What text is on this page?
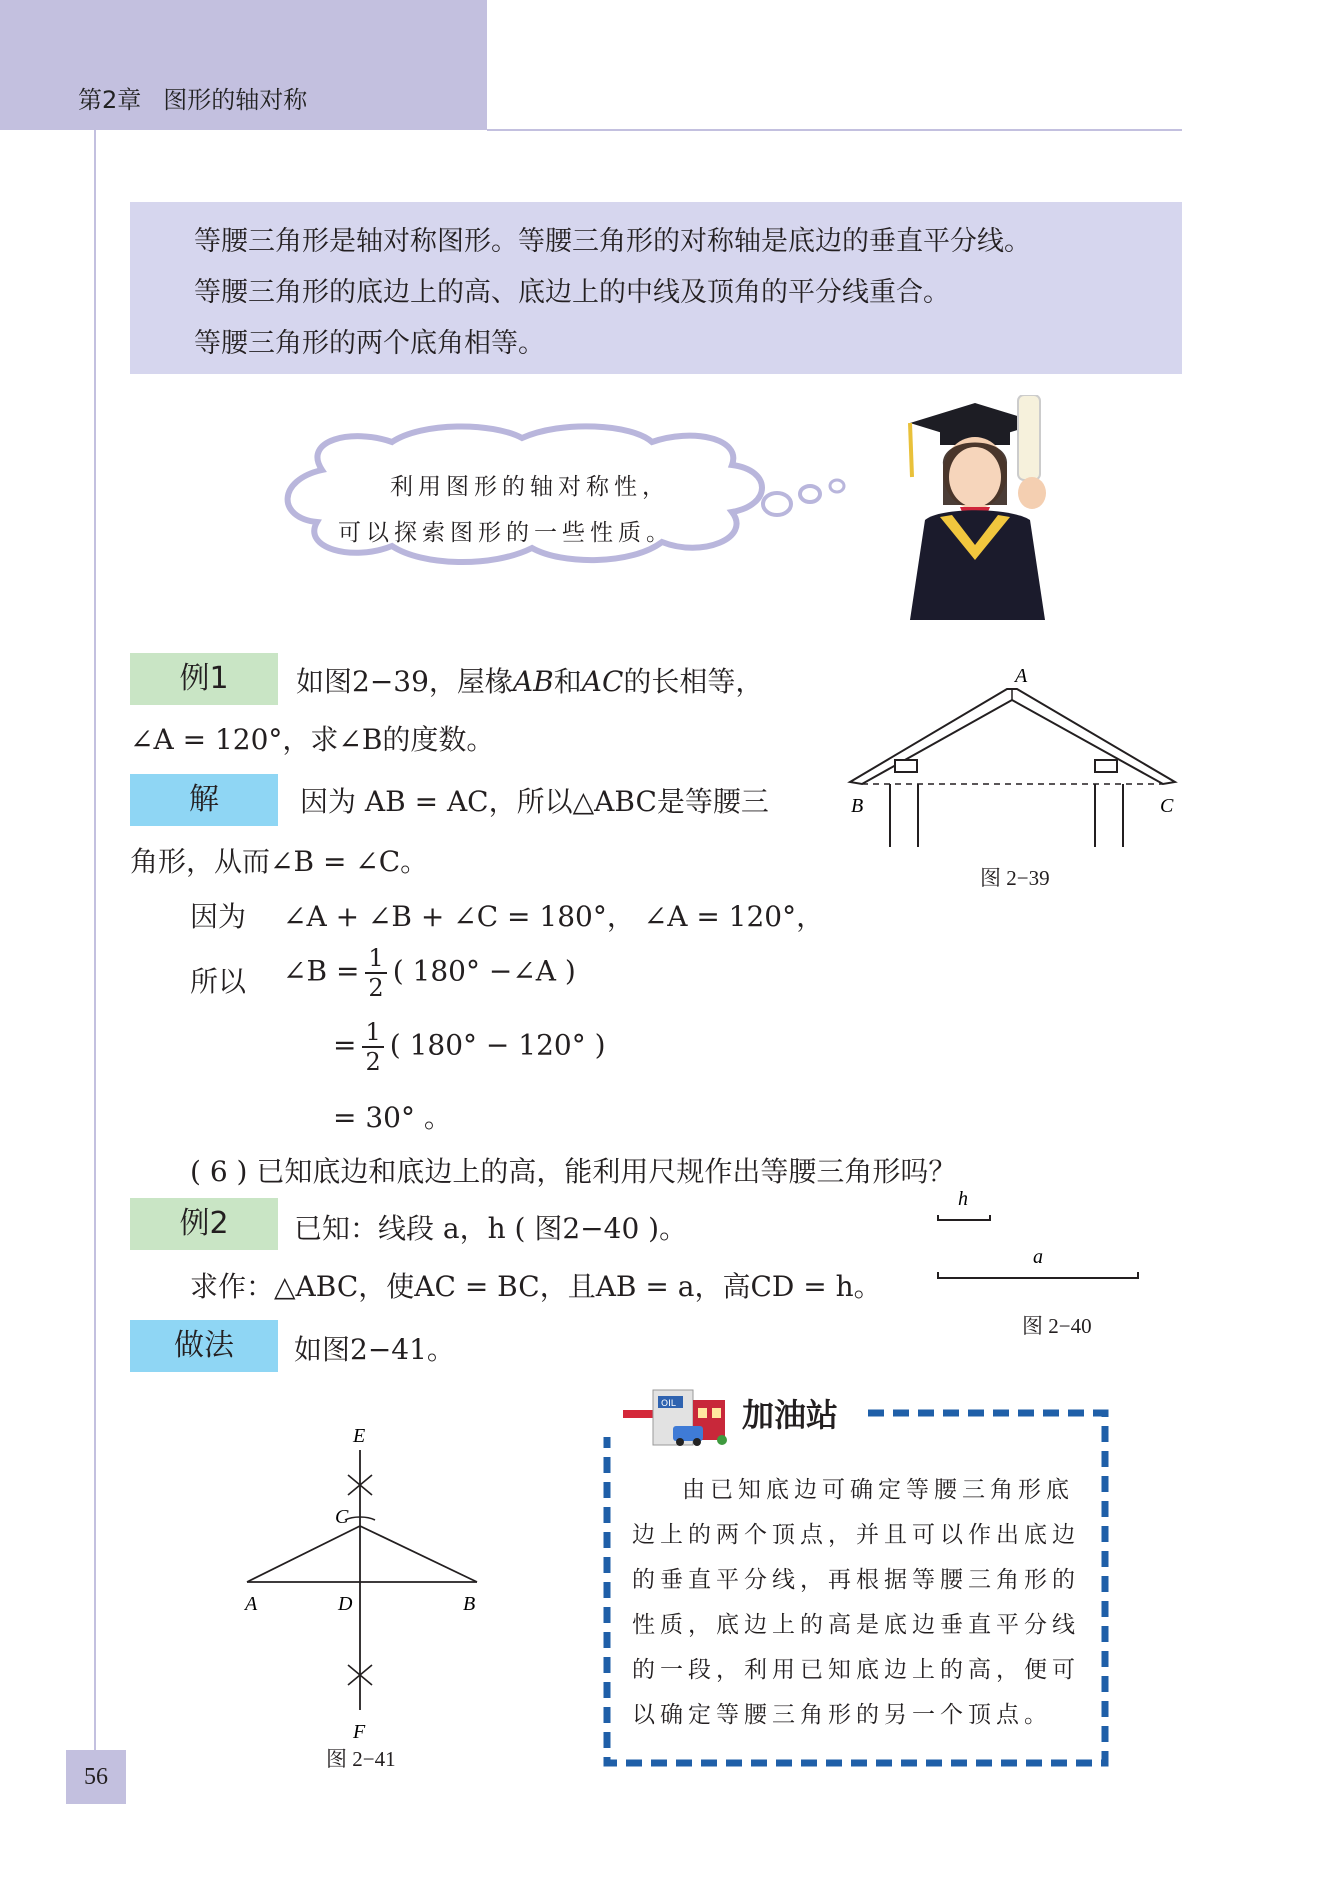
第2章 图形的轴对称
等腰三角形是轴对称图形。等腰三角形的对称轴是底边的垂直平分线。
等腰三角形的底边上的高、底边上的中线及顶角的平分线重合。
等腰三角形的两个底角相等。
利用图形的轴对称性，
可以探索图形的一些性质。
例1	如图2−39，屋椽AB和AC的长相等，
∠A = 120°，求∠B的度数。
A
B	C
图 2−39
解	因为 AB = AC，所以△ABC是等腰三
角形，从而∠B = ∠C。
因为 ∠A + ∠B + ∠C = 180°， ∠A = 120°，
所以 ∠B = $\frac{1}{2}$ ( 180° −∠A )
= $\frac{1}{2}$ ( 180° − 120° )
= 30° 。
( 6 ) 已知底边和底边上的高，能利用尺规作出等腰三角形吗？
例2	已知：线段 a，h ( 图2−40 )。
求作：△ABC，使AC = BC，且AB = a，高CD = h。
h
a
图 2−40
做法	如图2−41。
E
C
A	D	B
F
图 2−41
OIL 加油站
由已知底边可确定等腰三角形底
边上的两个顶点，并且可以作出底边
的垂直平分线，再根据等腰三角形的
性质，底边上的高是底边垂直平分线
的一段，利用已知底边上的高，便可
以确定等腰三角形的另一个顶点。
56
